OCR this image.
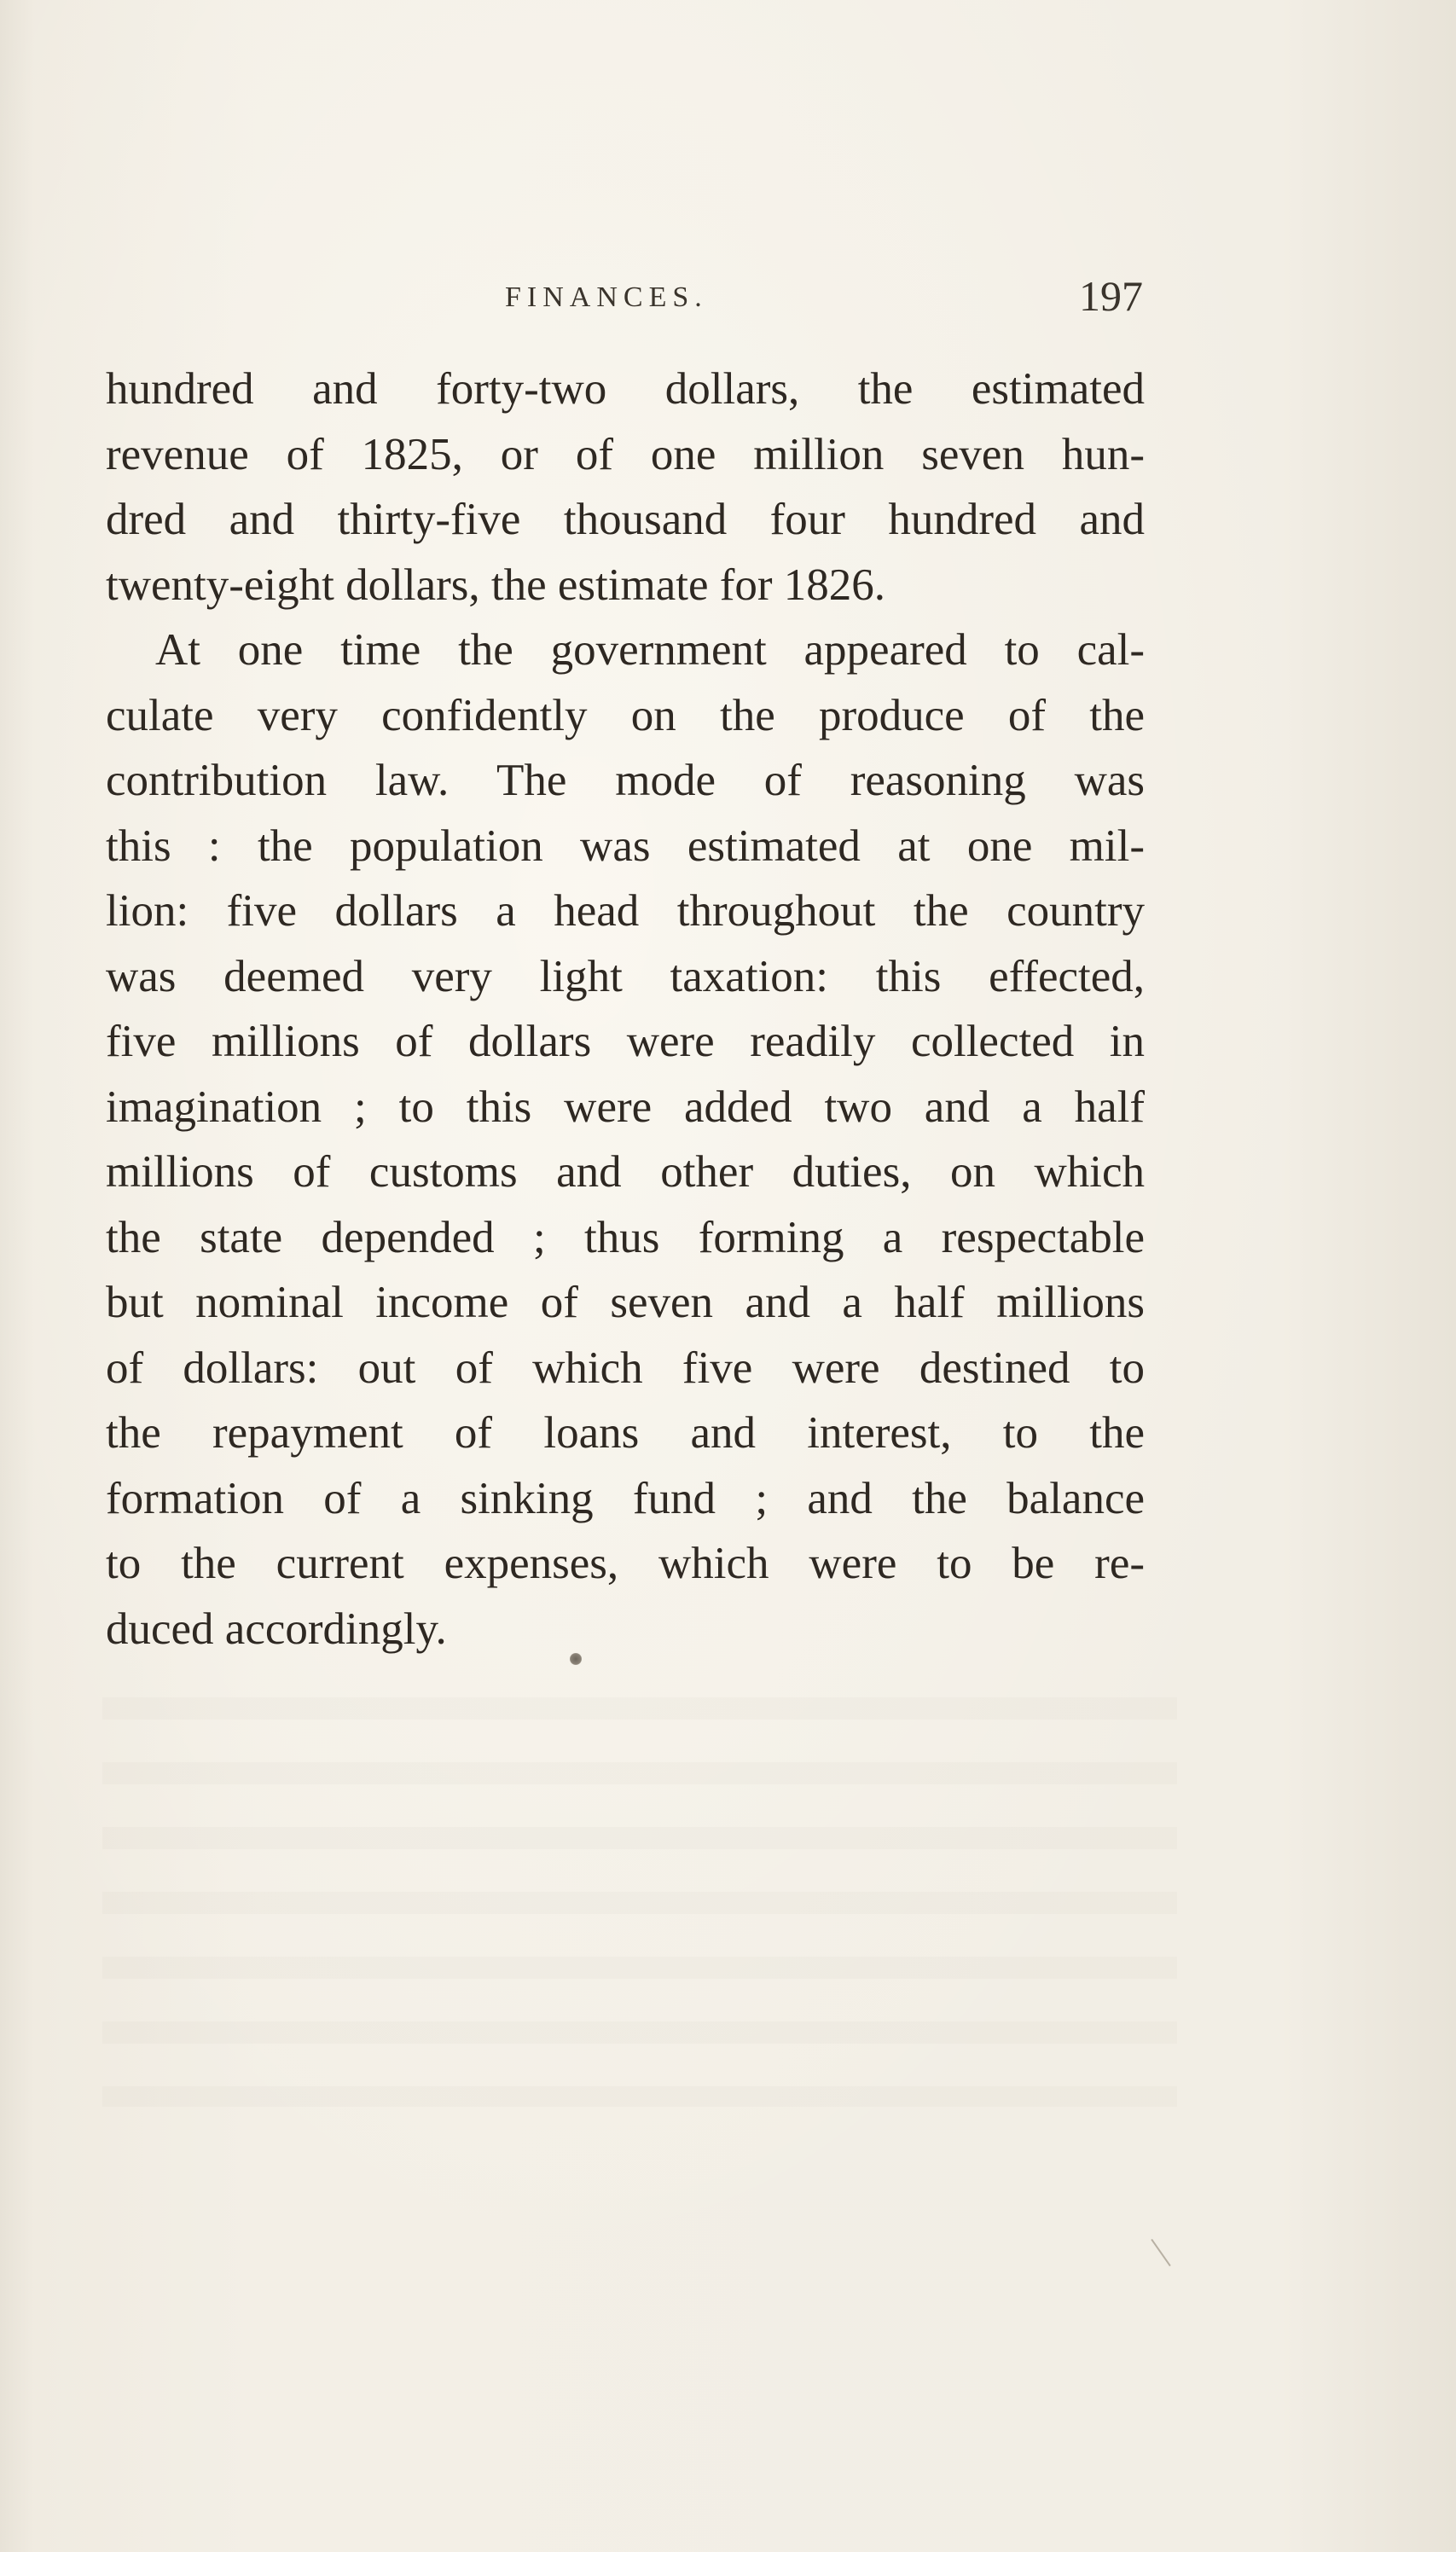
FINANCES.	197
hundred and forty-two dollars, the estimated
revenue of 1825, or of one million seven hun-
dred and thirty-five thousand four hundred and
twenty-eight dollars, the estimate for 1826.
At one time the government appeared to cal-
culate very confidently on the produce of the
contribution law. The mode of reasoning was
this : the population was estimated at one mil-
lion: five dollars a head throughout the country
was deemed very light taxation: this effected,
five millions of dollars were readily collected in
imagination ; to this were added two and a half
millions of customs and other duties, on which
the state depended ; thus forming a respectable
but nominal income of seven and a half millions
of dollars: out of which five were destined to
the repayment of loans and interest, to the
formation of a sinking fund ; and the balance
to the current expenses, which were to be re-
duced accordingly.
